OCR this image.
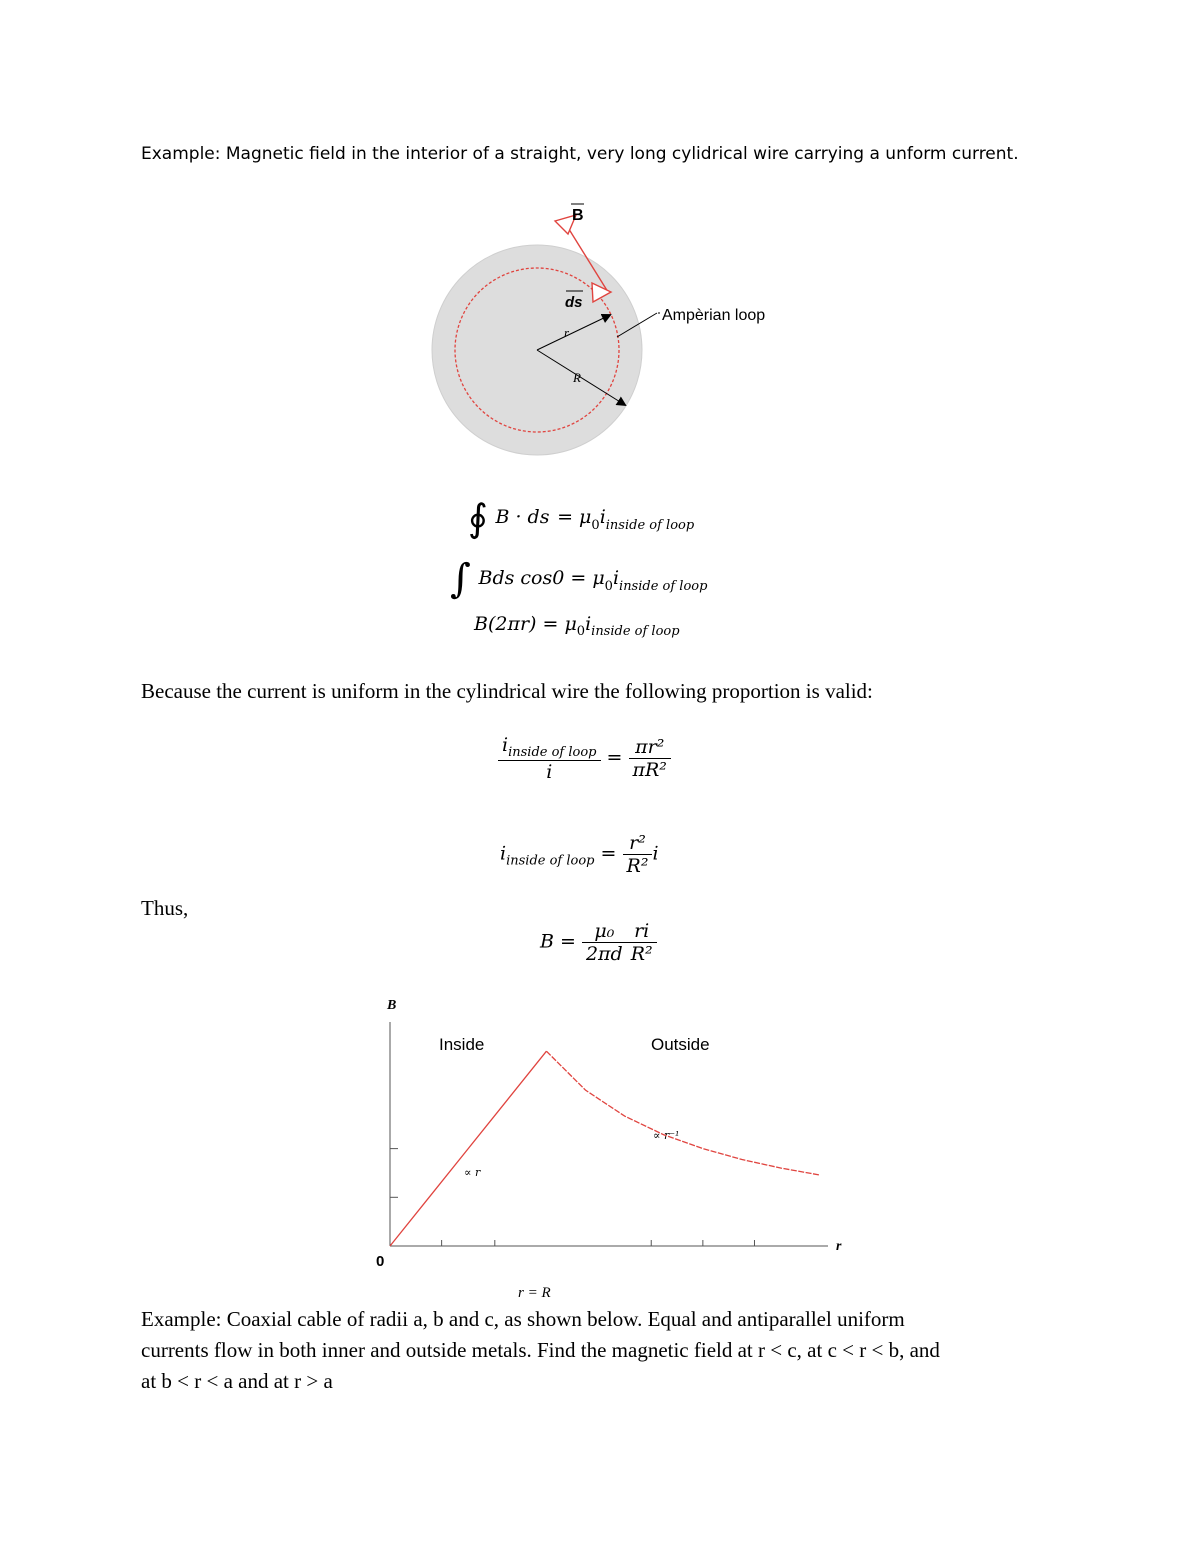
Example: Magnetic field in the interior of a straight, very long cylidrical wire carrying a unform current.
B
ds
r
R
Ampèrian loop
∮ B · ds = $\mu_0i_{inside of loop}$
∫ Bds $\cos 0 = \mu_0i_{inside of loop}$
$B(2\pi r) = \mu_0i_{inside of loop}$
Because the current is uniform in the cylindrical wire the following proportion is valid:
$\frac{i_{inside of loop}}{i} = \frac{\text{πr²}}{\text{πR²}}$
$i_{inside of loop} = \frac{\text{r²}}{\text{R²}}$ i
Thus,
$B = \frac{\text{μ₀}}{2\pi d} \frac{ri}{\text{R²}}$
B
r
0
Inside	Outside
∝ r
∝ r⁻¹
r = R
Example: Coaxial cable of radii a, b and c, as shown below. Equal and antiparallel uniform
currents flow in both inner and outside metals. Find the magnetic field at r < c, at c < r < b, and
at b < r < a and at r > a
